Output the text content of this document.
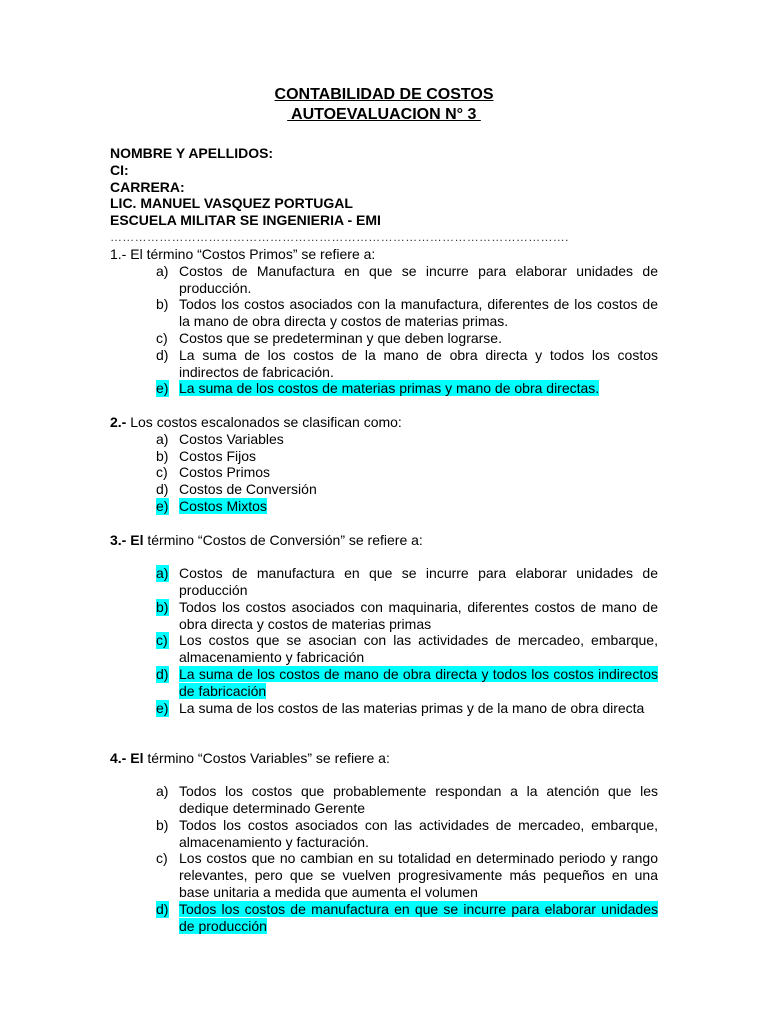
CONTABILIDAD DE COSTOS
AUTOEVALUACION N° 3
NOMBRE Y APELLIDOS:
CI:
CARRERA:
LIC. MANUEL VASQUEZ PORTUGAL
ESCUELA MILITAR SE INGENIERIA - EMI
………………………………………………………………………………………………….
1.- El término “Costos Primos” se refiere a:
a) Costos de Manufactura en que se incurre para elaborar unidades de producción.
b) Todos los costos asociados con la manufactura, diferentes de los costos de la mano de obra directa y costos de materias primas.
c) Costos que se predeterminan y que deben lograrse.
d) La suma de los costos de la mano de obra directa y todos los costos indirectos de fabricación.
e) La suma de los costos de materias primas y mano de obra directas.
2.- Los costos escalonados se clasifican como:
a) Costos Variables
b) Costos Fijos
c) Costos Primos
d) Costos de Conversión
e) Costos Mixtos
3.- El término “Costos de Conversión” se refiere a:
a) Costos de manufactura en que se incurre para elaborar unidades de producción
b) Todos los costos asociados con maquinaria, diferentes costos de mano de obra directa y costos de materias primas
c) Los costos que se asocian con las actividades de mercadeo, embarque, almacenamiento y fabricación
d) La suma de los costos de mano de obra directa y todos los costos indirectos de fabricación
e) La suma de los costos de las materias primas y de la mano de obra directa
4.- El término “Costos Variables” se refiere a:
a) Todos los costos que probablemente respondan a la atención que les dedique determinado Gerente
b) Todos los costos asociados con las actividades de mercadeo, embarque, almacenamiento y facturación.
c) Los costos que no cambian en su totalidad en determinado periodo y rango relevantes, pero que se vuelven progresivamente más pequeños en una base unitaria a medida que aumenta el volumen
d) Todos los costos de manufactura en que se incurre para elaborar unidades de producción
